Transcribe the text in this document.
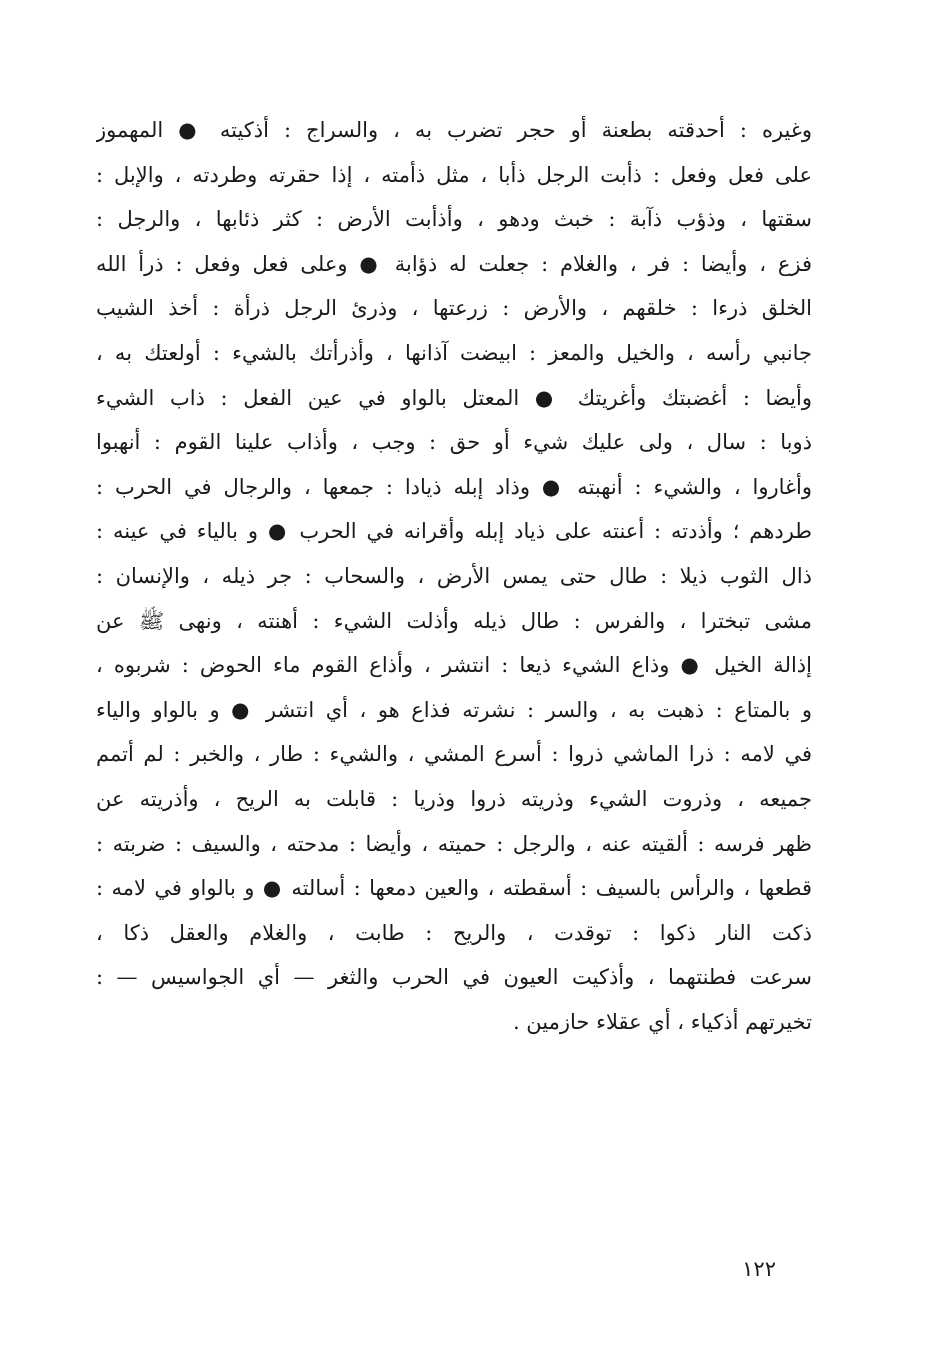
وغيره : أحدقته بطعنة أو حجر تضرب به ، والسراج : أذكيته ● المهموز
على فعل وفعل : ذأبت الرجل ذأبا ، مثل ذأمته ، إذا حقرته وطردته ، والإبل :
سقتها ، وذؤب ذآبة : خبث ودهو ، وأذأبت الأرض : كثر ذئابها ، والرجل :
فزع ، وأيضا : فر ، والغلام : جعلت له ذؤابة ● وعلى فعل وفعل : ذرأ الله
الخلق ذرءا : خلقهم ، والأرض : زرعتها ، وذرئ الرجل ذرأة : أخذ الشيب
جانبي رأسه ، والخيل والمعز : ابيضت آذانها ، وأذرأتك بالشيء : أولعتك به ،
وأيضا : أغضبتك وأغريتك ● المعتل بالواو في عين الفعل : ذاب الشيء
ذوبا : سال ، ولى عليك شيء أو حق : وجب ، وأذاب علينا القوم : أنهبوا
وأغاروا ، والشيء : أنهبته ● وذاد إبله ذيادا : جمعها ، والرجال في الحرب :
طردهم ؛ وأذدته : أعنته على ذياد إبله وأقرانه في الحرب ● و بالياء في عينه :
ذال الثوب ذيلا : طال حتى يمس الأرض ، والسحاب : جر ذيله ، والإنسان :
مشى تبخترا ، والفرس : طال ذيله وأذلت الشيء : أهنته ، ونهى ﷺ عن
إذالة الخيل ● وذاع الشيء ذيعا : انتشر ، وأذاع القوم ماء الحوض : شربوه ،
و بالمتاع : ذهبت به ، والسر : نشرته فذاع هو ، أي انتشر ● و بالواو والياء
في لامه : ذرا الماشي ذروا : أسرع المشي ، والشيء : طار ، والخبر : لم أتمم
جميعه ، وذروت الشيء وذريته ذروا وذريا : قابلت به الريح ، وأذريته عن
ظهر فرسه : ألقيته عنه ، والرجل : حميته ، وأيضا : مدحته ، والسيف : ضربته :
قطعها ، والرأس بالسيف : أسقطته ، والعين دمعها : أسالته ● و بالواو في لامه :
ذكت النار ذكوا : توقدت ، والريح : طابت ، والغلام والعقل ذكا ،
سرعت فطنتهما ، وأذكيت العيون في الحرب والثغر — أي الجواسيس — :
تخيرتهم أذكياء ، أي عقلاء حازمين .
١٢٢
